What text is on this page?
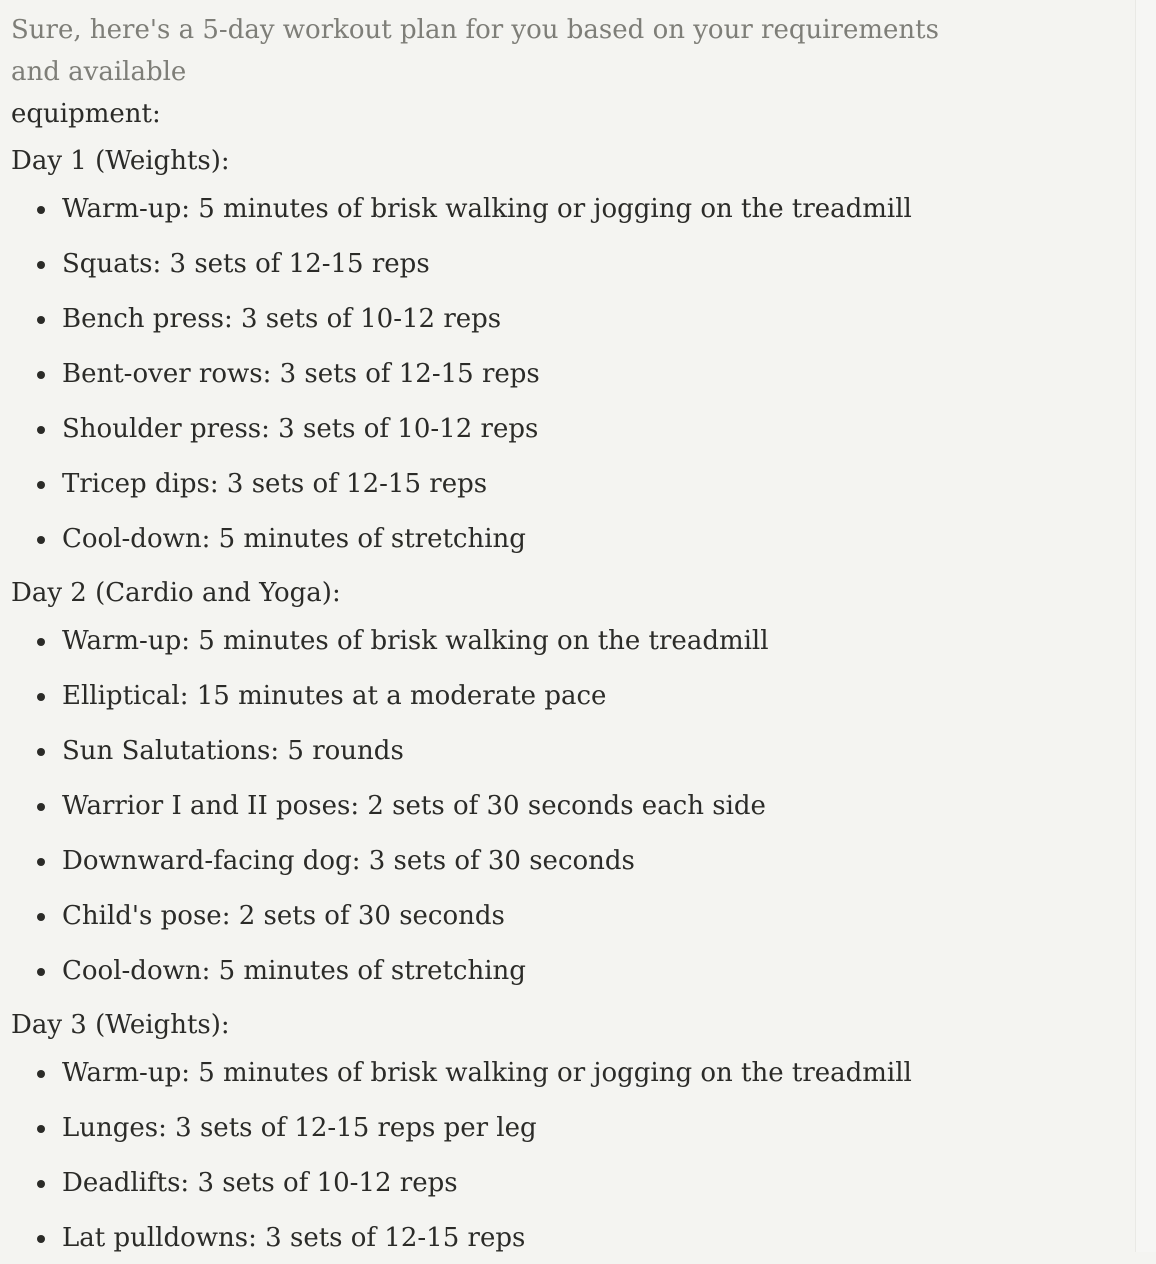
Sure, here's a 5-day workout plan for you based on your requirements and available
equipment:

Day 1 (Weights):
Warm-up: 5 minutes of brisk walking or jogging on the treadmill
Squats: 3 sets of 12-15 reps
Bench press: 3 sets of 10-12 reps
Bent-over rows: 3 sets of 12-15 reps
Shoulder press: 3 sets of 10-12 reps
Tricep dips: 3 sets of 12-15 reps
Cool-down: 5 minutes of stretching
Day 2 (Cardio and Yoga):
Warm-up: 5 minutes of brisk walking on the treadmill
Elliptical: 15 minutes at a moderate pace
Sun Salutations: 5 rounds
Warrior I and II poses: 2 sets of 30 seconds each side
Downward-facing dog: 3 sets of 30 seconds
Child's pose: 2 sets of 30 seconds
Cool-down: 5 minutes of stretching
Day 3 (Weights):
Warm-up: 5 minutes of brisk walking or jogging on the treadmill
Lunges: 3 sets of 12-15 reps per leg
Deadlifts: 3 sets of 10-12 reps
Lat pulldowns: 3 sets of 12-15 reps
